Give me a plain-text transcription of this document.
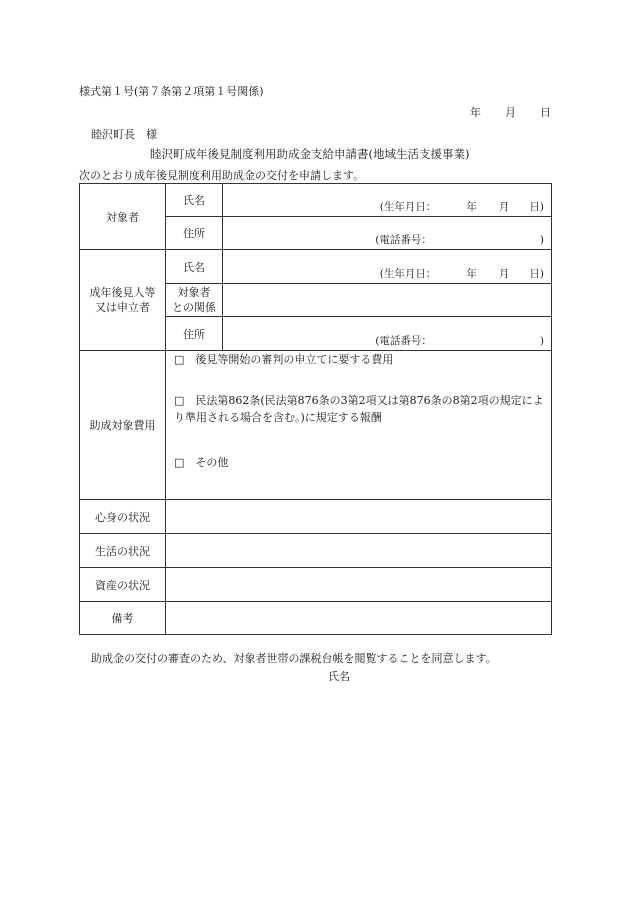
様式第１号(第７条第２項第１号関係)
年 月 日
睦沢町長　様
睦沢町成年後見制度利用助成金支給申請書(地域生活支援事業)
次のとおり成年後見制度利用助成金の交付を申請します。
対象者	氏名	(生年月日： 年 月 日)

	住所	(電話番号： )

成年後見人等
又は申立者	氏名	(生年月日： 年 月 日)

	対象者
との関係	

	住所	(電話番号： )

助成対象費用	□　後見等開始の審判の申立てに要する費用
□　民法第862条(民法第876条の3第2項又は第876条の8第2項の規定によ
り準用される場合を含む。)に規定する報酬
□　その他	

心身の状況		
生活の状況		
資産の状況		
備考		
助成金の交付の審査のため、対象者世帯の課税台帳を閲覧することを同意します。
氏名
